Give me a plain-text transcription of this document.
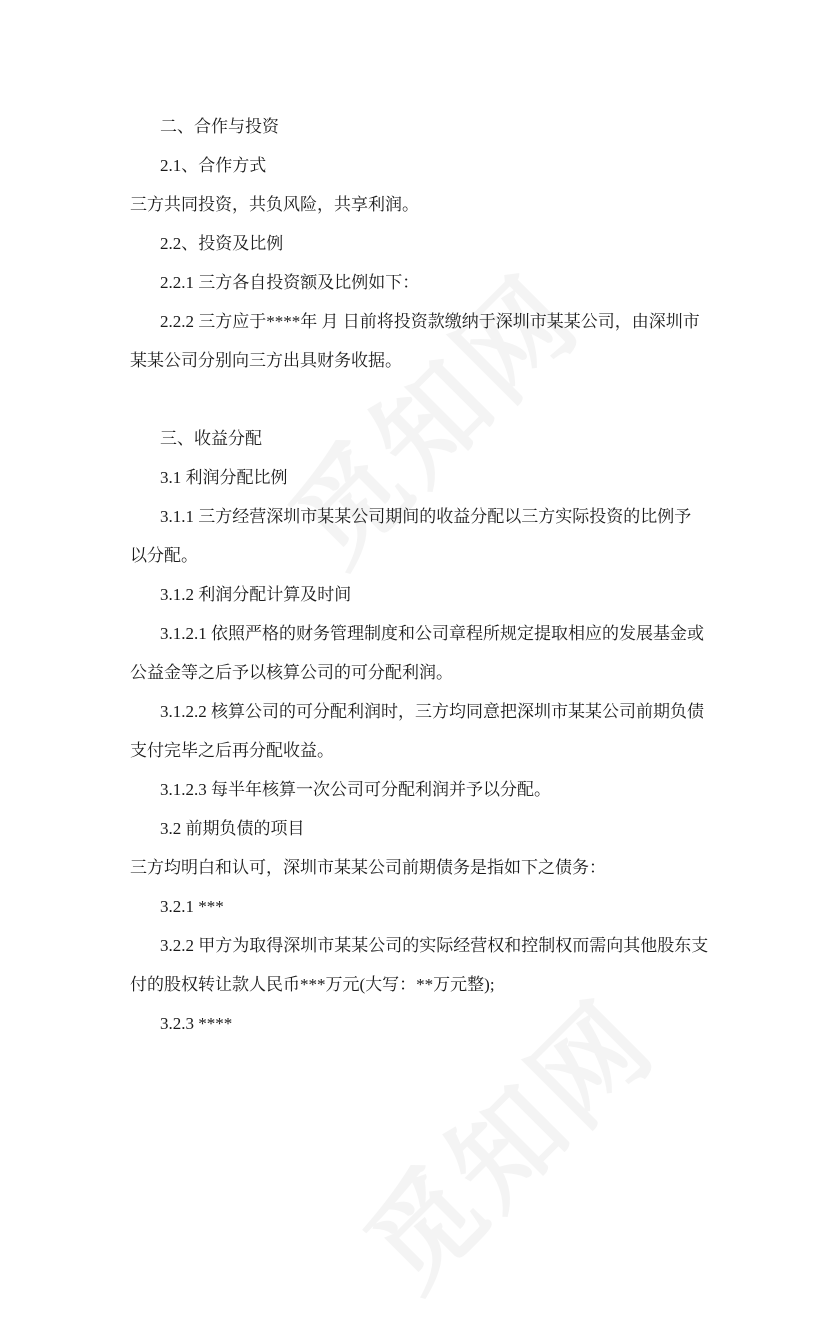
二、合作与投资
2.1、合作方式
三方共同投资，共负风险，共享利润。
2.2、投资及比例
2.2.1 三方各自投资额及比例如下：
2.2.2 三方应于****年 月 日前将投资款缴纳于深圳市某某公司，由深圳市
某某公司分别向三方出具财务收据。
三、收益分配
3.1 利润分配比例
3.1.1 三方经营深圳市某某公司期间的收益分配以三方实际投资的比例予
以分配。
3.1.2 利润分配计算及时间
3.1.2.1 依照严格的财务管理制度和公司章程所规定提取相应的发展基金或
公益金等之后予以核算公司的可分配利润。
3.1.2.2 核算公司的可分配利润时，三方均同意把深圳市某某公司前期负债
支付完毕之后再分配收益。
3.1.2.3 每半年核算一次公司可分配利润并予以分配。
3.2 前期负债的项目
三方均明白和认可，深圳市某某公司前期债务是指如下之债务：
3.2.1 ***
3.2.2 甲方为取得深圳市某某公司的实际经营权和控制权而需向其他股东支
付的股权转让款人民币***万元(大写：**万元整);
3.2.3 ****
